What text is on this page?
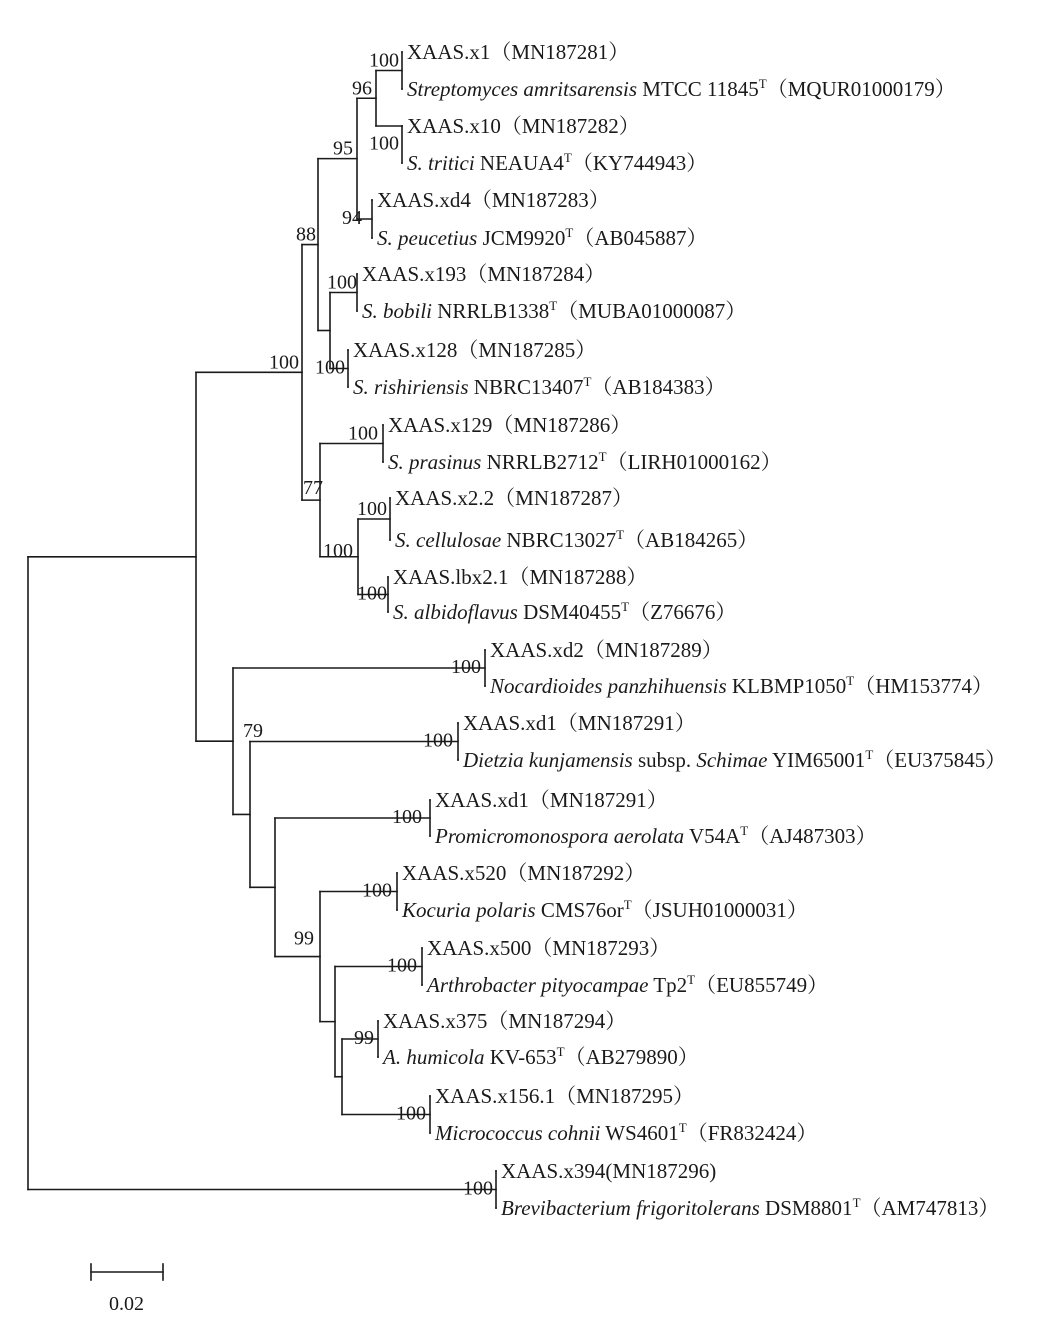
XAAS.x1（MN187281）
Streptomyces amritsarensis MTCC $11845^T(MQUR01000179)$
XAAS.x10（MN187282）
S. tritici $NEAUA4^T(KY744943)$
XAAS.xd4（MN187283）
S. peucetius $JCM9920^T(AB045887)$
XAAS.x193（MN187284）
S. bobili $NRRLB1338^T(MUBA01000087)$
XAAS.x128（MN187285）
S. rishiriensis $NBRC13407^T(AB184383)$
XAAS.x129（MN187286）
S. prasinus $NRRLB2712^T(LIRH01000162)$
XAAS.x2.2（MN187287）
S. cellulosae $NBRC13027^T(AB184265)$
XAAS.lbx2.1（MN187288）
S. albidoflavus $DSM40455^T(Z76676)$
XAAS.xd2（MN187289）
Nocardioides panzhihuensis $KLBMP1050^T(HM153774)$
XAAS.xd1（MN187291）
Dietzia kunjamensis subsp. Schimae $YIM65001^T(EU375845)$
XAAS.xd1（MN187291）
Promicromonospora aerolata $V54A^T(AJ487303)$
XAAS.x520（MN187292）
Kocuria polaris $CMS76or^T(JSUH01000031)$
XAAS.x500（MN187293）
Arthrobacter pityocampae $Tp2^T(EU855749)$
XAAS.x375（MN187294）
A. humicola $KV-653^T(AB279890)$
XAAS.x156.1（MN187295）
Micrococcus cohnii $WS4601^T(FR832424)$
XAAS.x394(MN187296)
Brevibacterium frigoritolerans $DSM8801^T(AM747813)$
100
96
100
95
94
100
88
100
100
100
77
100
100
100
100
79	100
100
100
99
100
99
100
100
0.02
